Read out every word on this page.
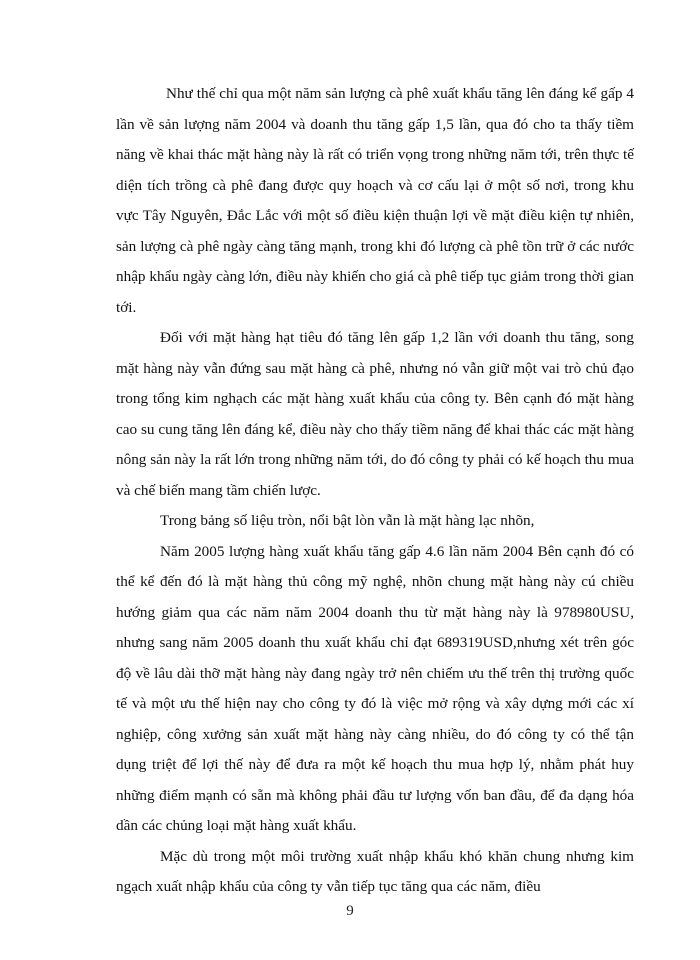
Như thế chỉ qua một năm sản lượng cà phê xuất khẩu tăng lên đáng kể gấp 4 lần về sản lượng năm 2004 và doanh thu tăng gấp 1,5 lần, qua đó cho ta thấy tiềm năng về khai thác mặt hàng này là rất có triển vọng trong những năm tới, trên thực tế diện tích trồng cà phê đang được quy hoạch và cơ cấu lại ở một số nơi, trong khu vực Tây Nguyên, Đắc Lắc với một số điều kiện thuận lợi về mặt điều kiện tự nhiên, sản lượng cà phê ngày càng tăng mạnh, trong khi đó lượng cà phê tồn trữ ở các nước nhập khẩu ngày càng lớn, điều này khiến cho giá cà phê tiếp tục giảm trong thời gian tới.

Đối với mặt hàng hạt tiêu đó tăng lên gấp 1,2 lần với doanh thu tăng, song mặt hàng này vẫn đứng sau mặt hàng cà phê, nhưng nó vẫn giữ một vai trò chủ đạo trong tổng kim nghạch các mặt hàng xuất khẩu của công ty. Bên cạnh đó mặt hàng cao su cung tăng lên đáng kể, điều này cho thấy tiềm năng để khai thác các mặt hàng nông sản này la rất lớn trong những năm tới, do đó công ty phải có kế hoạch thu mua và chế biến mang tầm chiến lược.

Trong bảng số liệu tròn, nổi bật lòn vẫn là mặt hàng lạc nhõn,

Năm 2005 lượng hàng xuất khẩu tăng gấp 4.6 lần năm 2004 Bên cạnh đó có thể kể đến đó là mặt hàng thủ công mỹ nghệ, nhõn chung mặt hàng này cú chiều hướng giảm qua các năm năm 2004 doanh thu từ mặt hàng này là 978980USU, nhưng sang năm 2005 doanh thu xuất khẩu chỉ đạt 689319USD,nhưng xét trên góc độ về lâu dài thỡ mặt hàng này đang ngày trở nên chiếm ưu thế trên thị trường quốc tế và một ưu thế hiện nay cho công ty đó là việc mở rộng và xây dựng mới các xí nghiệp, công xưởng sản xuất mặt hàng này càng nhiều, do đó công ty có thể tận dụng triệt để lợi thế này để đưa ra một kế hoạch thu mua hợp lý, nhằm phát huy những điểm mạnh có sẵn mà không phải đầu tư lượng vốn ban đầu, để đa dạng hóa dần các chủng loại mặt hàng xuất khẩu.

Mặc dù trong một môi trường xuất nhập khẩu khó khăn chung nhưng kim ngạch xuất nhập khẩu của công ty vẫn tiếp tục tăng qua các năm, điều

9
